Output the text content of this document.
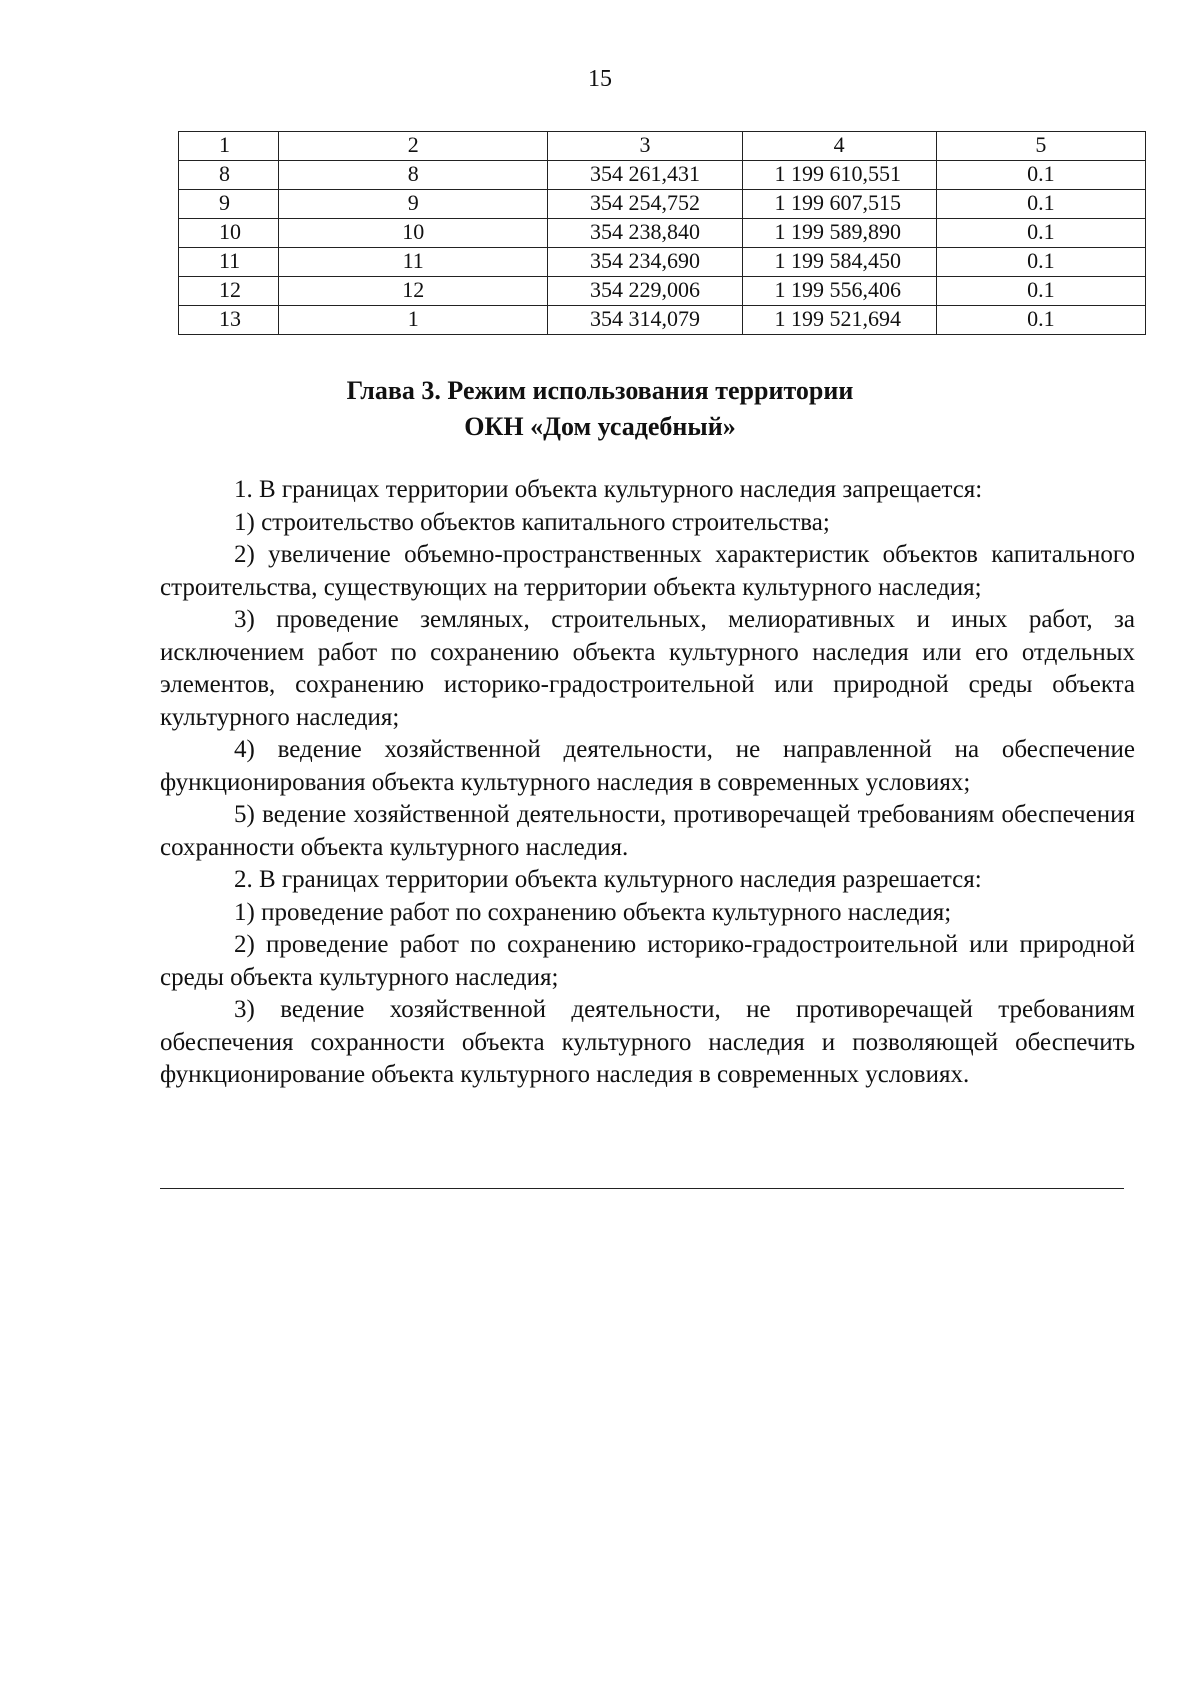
15
1	2	3	4	5
8	8	354 261,431	1 199 610,551	0.1
9	9	354 254,752	1 199 607,515	0.1
10	10	354 238,840	1 199 589,890	0.1
11	11	354 234,690	1 199 584,450	0.1
12	12	354 229,006	1 199 556,406	0.1
13	1	354 314,079	1 199 521,694	0.1
Глава 3. Режим использования территории
ОКН «Дом усадебный»

1. В границах территории объекта культурного наследия запрещается:

1) строительство объектов капитального строительства;

2) увеличение объемно-пространственных характеристик объектов капитального строительства, существующих на территории объекта культурного наследия;

3) проведение земляных, строительных, мелиоративных и иных работ, за исключением работ по сохранению объекта культурного наследия или его отдельных элементов, сохранению историко-градостроительной или природной среды объекта культурного наследия;

4) ведение хозяйственной деятельности, не направленной на обеспечение функционирования объекта культурного наследия в современных условиях;

5) ведение хозяйственной деятельности, противоречащей требованиям обеспечения сохранности объекта культурного наследия.

2. В границах территории объекта культурного наследия разрешается:

1) проведение работ по сохранению объекта культурного наследия;

2) проведение работ по сохранению историко-градостроительной или природной среды объекта культурного наследия;

3) ведение хозяйственной деятельности, не противоречащей требованиям обеспечения сохранности объекта культурного наследия и позволяющей обеспечить функционирование объекта культурного наследия в современных условиях.
